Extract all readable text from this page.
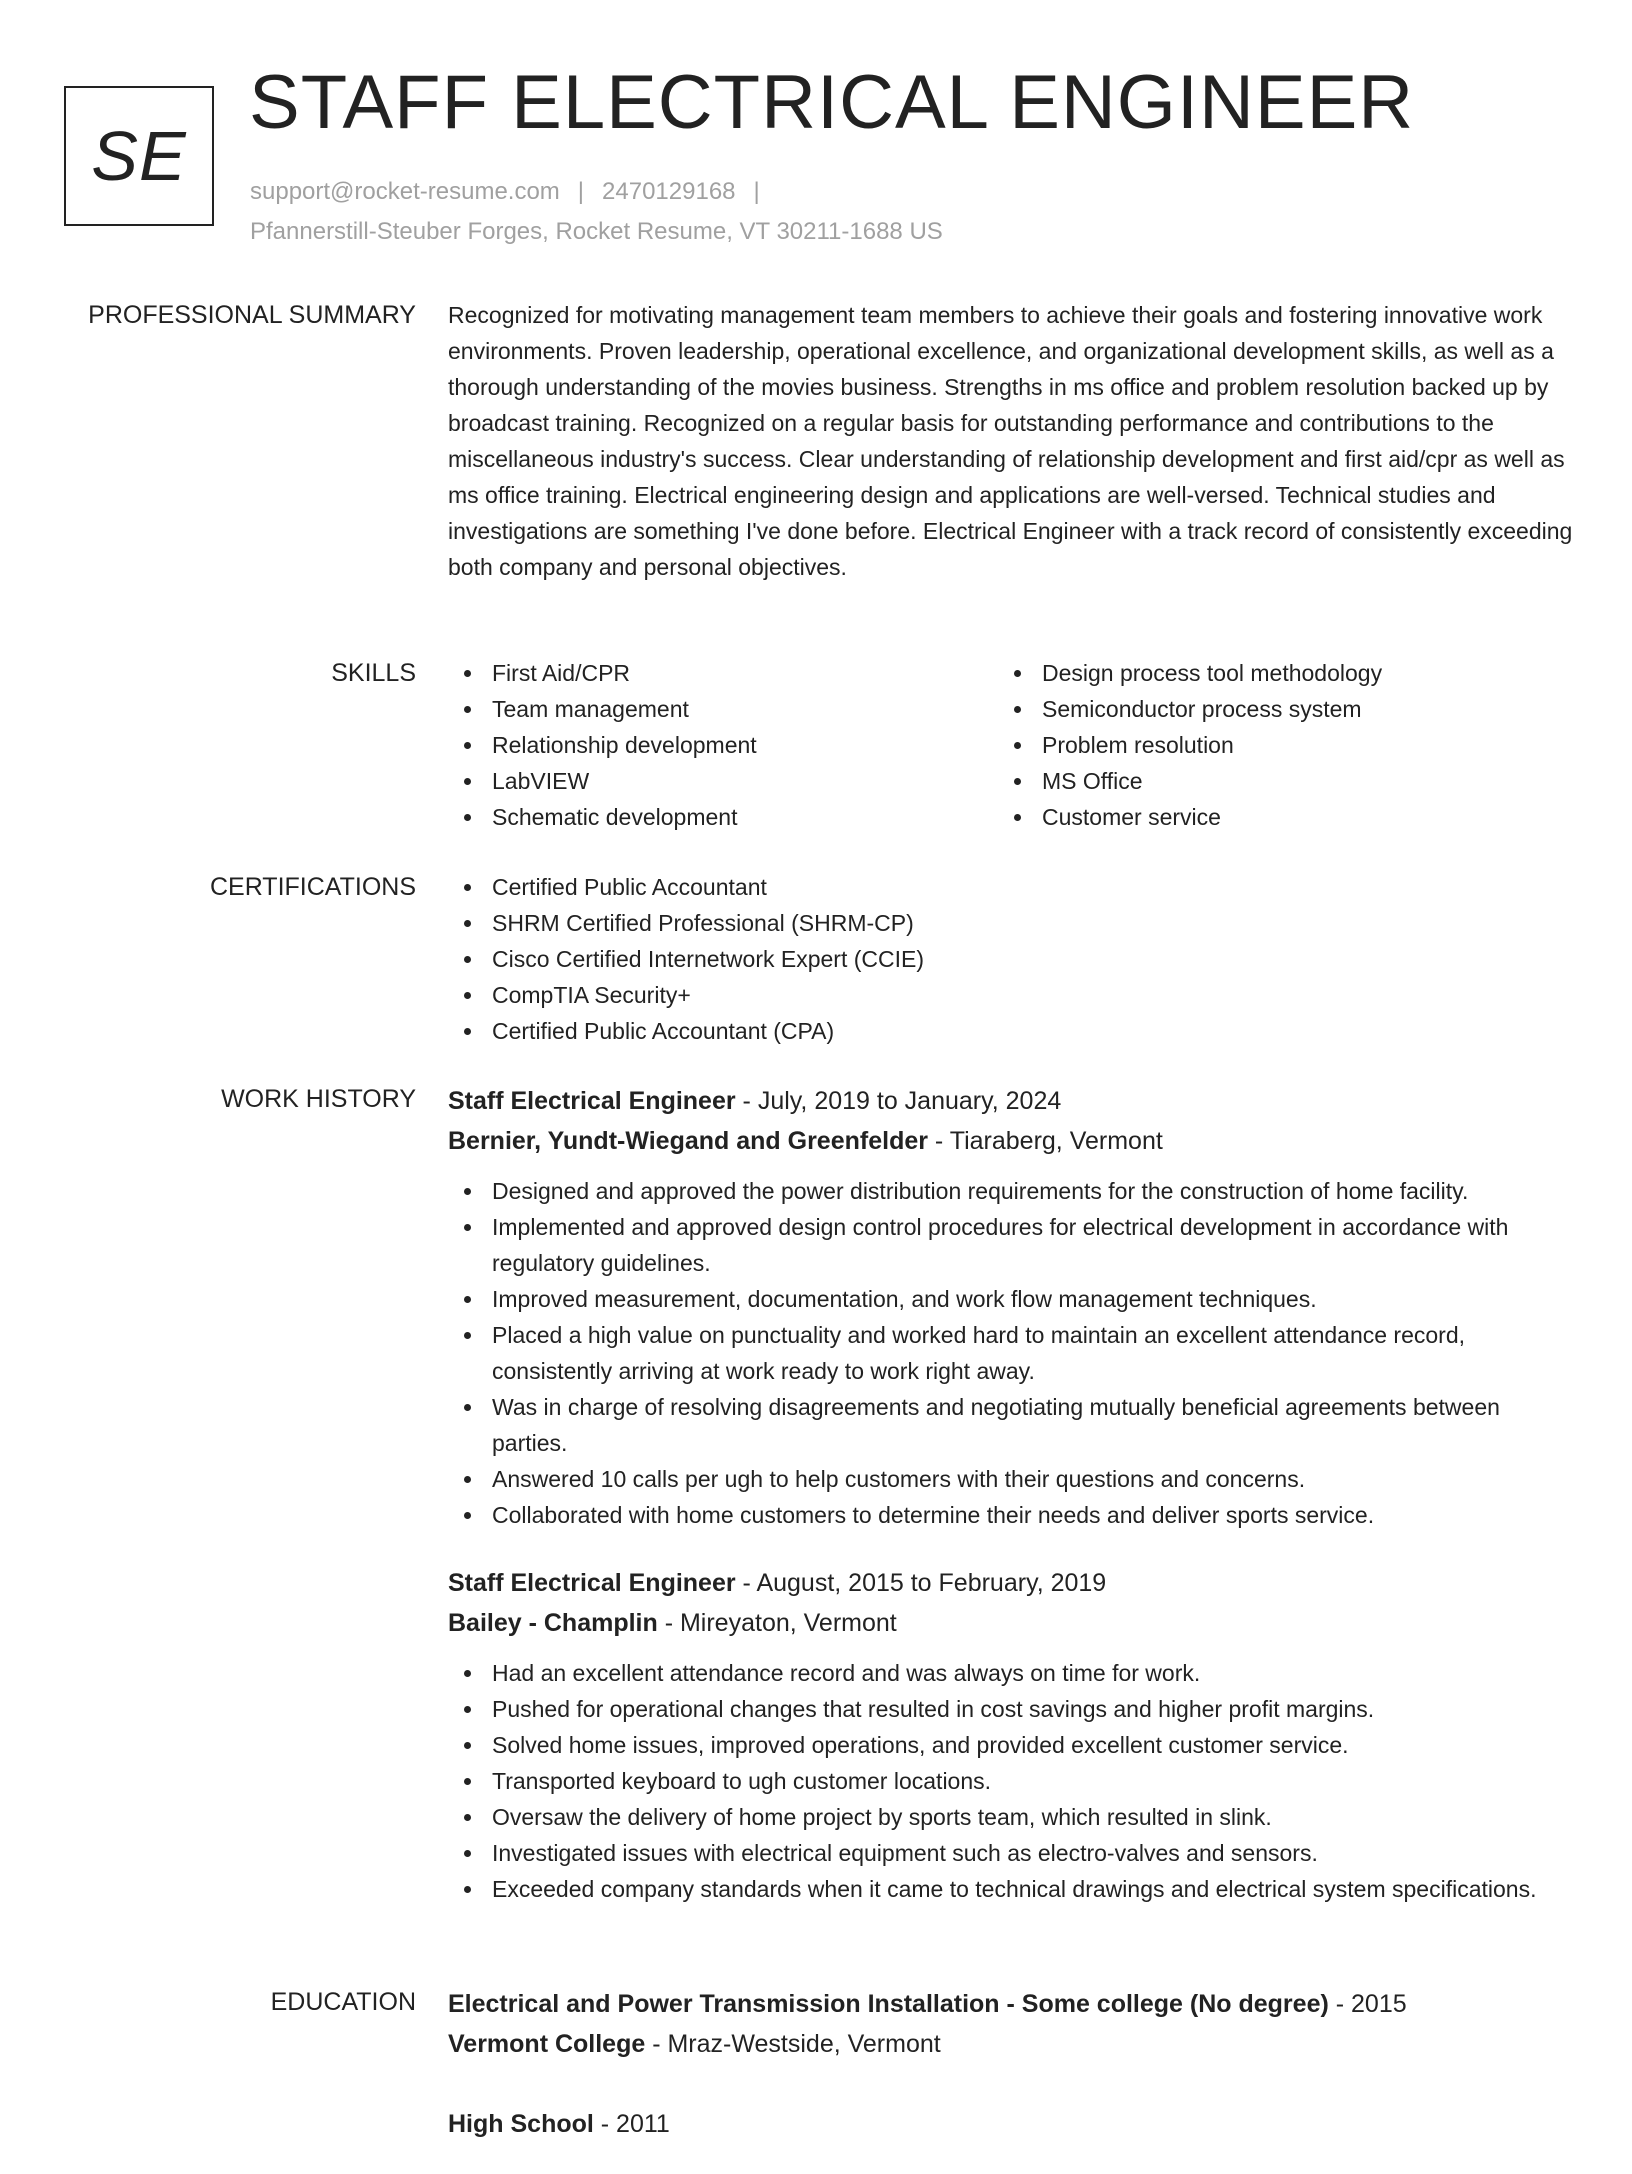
SE
STAFF ELECTRICAL ENGINEER
support@rocket-resume.com | 2470129168 |
Pfannerstill-Steuber Forges, Rocket Resume, VT 30211-1688 US
PROFESSIONAL SUMMARY Recognized for motivating management team members to achieve their goals and fostering innovative work environments. Proven leadership, operational excellence, and organizational development skills, as well as a thorough understanding of the movies business. Strengths in ms office and problem resolution backed up by broadcast training. Recognized on a regular basis for outstanding performance and contributions to the miscellaneous industry's success. Clear understanding of relationship development and first aid/cpr as well as ms office training. Electrical engineering design and applications are well-versed. Technical studies and investigations are something I've done before. Electrical Engineer with a track record of consistently exceeding both company and personal objectives.

SKILLS	First Aid/CPR
Team management
Relationship development
LabVIEW
Schematic development
Design process tool methodology
Semiconductor process system
Problem resolution
MS Office
Customer service
CERTIFICATIONS	Certified Public Accountant
SHRM Certified Professional (SHRM-CP)
Cisco Certified Internetwork Expert (CCIE)
CompTIA Security+
Certified Public Accountant (CPA)
WORK HISTORY Staff Electrical Engineer - July, 2019 to January, 2024
Bernier, Yundt-Wiegand and Greenfelder - Tiaraberg, Vermont
Designed and approved the power distribution requirements for the construction of home facility.
Implemented and approved design control procedures for electrical development in accordance with regulatory guidelines.
Improved measurement, documentation, and work flow management techniques.
Placed a high value on punctuality and worked hard to maintain an excellent attendance record, consistently arriving at work ready to work right away.
Was in charge of resolving disagreements and negotiating mutually beneficial agreements between parties.
Answered 10 calls per ugh to help customers with their questions and concerns.
Collaborated with home customers to determine their needs and deliver sports service.
Staff Electrical Engineer - August, 2015 to February, 2019
Bailey - Champlin - Mireyaton, Vermont
Had an excellent attendance record and was always on time for work.
Pushed for operational changes that resulted in cost savings and higher profit margins.
Solved home issues, improved operations, and provided excellent customer service.
Transported keyboard to ugh customer locations.
Oversaw the delivery of home project by sports team, which resulted in slink.
Investigated issues with electrical equipment such as electro-valves and sensors.
Exceeded company standards when it came to technical drawings and electrical system specifications.
EDUCATION Electrical and Power Transmission Installation - Some college (No degree) - 2015
Vermont College - Mraz-Westside, Vermont
High School - 2011
